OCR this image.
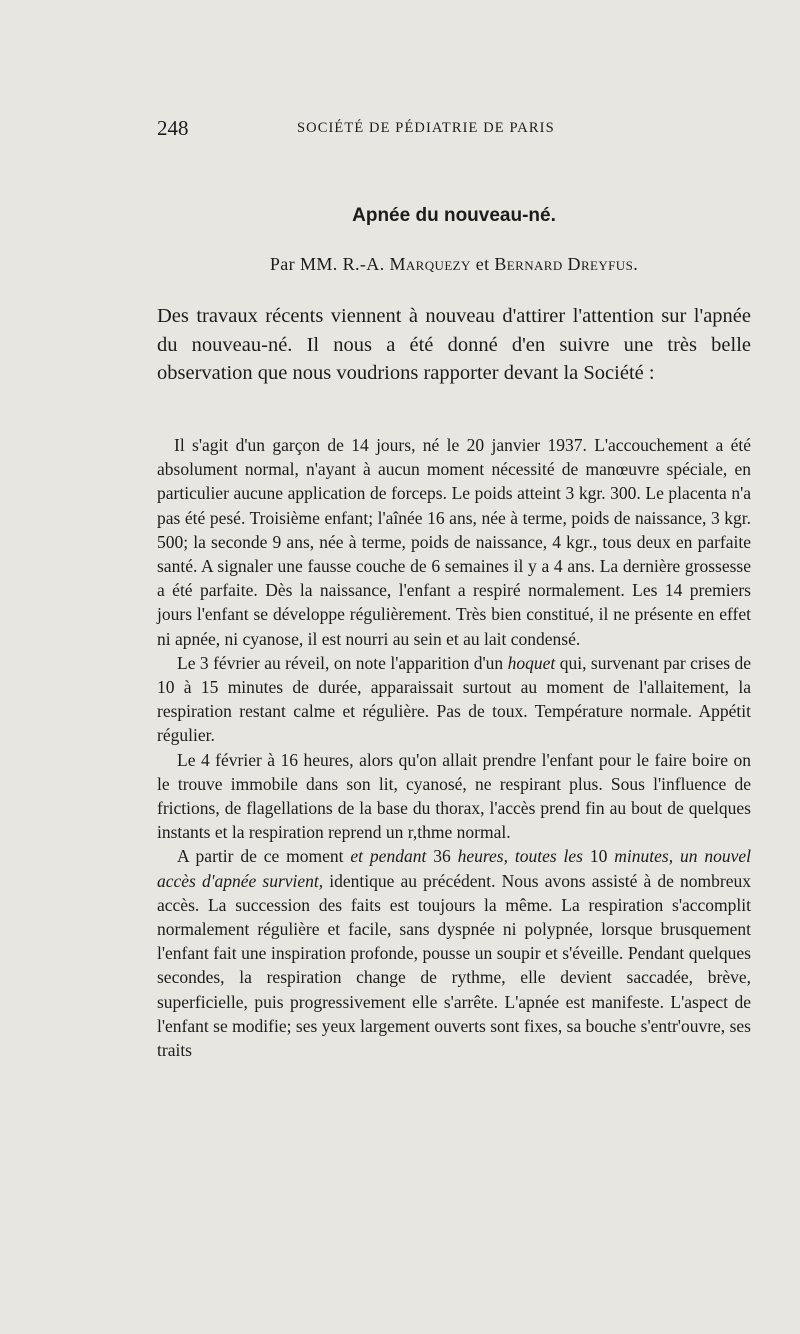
248	SOCIÉTÉ DE PÉDIATRIE DE PARIS
Apnée du nouveau-né.

Par MM. R.-A. Marquezy et Bernard Dreyfus.

Des travaux récents viennent à nouveau d'attirer l'attention sur l'apnée du nouveau-né. Il nous a été donné d'en suivre une très belle observation que nous voudrions rapporter devant la Société :

Il s'agit d'un garçon de 14 jours, né le 20 janvier 1937. L'accouchement a été absolument normal, n'ayant à aucun moment nécessité de manœuvre spéciale, en particulier aucune application de forceps. Le poids atteint 3 kgr. 300. Le placenta n'a pas été pesé. Troisième enfant; l'aînée 16 ans, née à terme, poids de naissance, 3 kgr. 500; la seconde 9 ans, née à terme, poids de naissance, 4 kgr., tous deux en parfaite santé. A signaler une fausse couche de 6 semaines il y a 4 ans. La dernière grossesse a été parfaite. Dès la naissance, l'enfant a respiré normalement. Les 14 premiers jours l'enfant se développe régulièrement. Très bien constitué, il ne présente en effet ni apnée, ni cyanose, il est nourri au sein et au lait condensé.

Le 3 février au réveil, on note l'apparition d'un hoquet qui, survenant par crises de 10 à 15 minutes de durée, apparaissait surtout au moment de l'allaitement, la respiration restant calme et régulière. Pas de toux. Température normale. Appétit régulier.

Le 4 février à 16 heures, alors qu'on allait prendre l'enfant pour le faire boire on le trouve immobile dans son lit, cyanosé, ne respirant plus. Sous l'influence de frictions, de flagellations de la base du thorax, l'accès prend fin au bout de quelques instants et la respiration reprend un r,thme normal.

A partir de ce moment et pendant 36 heures, toutes les 10 minutes, un nouvel accès d'apnée survient, identique au précédent. Nous avons assisté à de nombreux accès. La succession des faits est toujours la même. La respiration s'accomplit normalement régulière et facile, sans dyspnée ni polypnée, lorsque brusquement l'enfant fait une inspiration profonde, pousse un soupir et s'éveille. Pendant quelques secondes, la respiration change de rythme, elle devient saccadée, brève, superficielle, puis progressivement elle s'arrête. L'apnée est manifeste. L'aspect de l'enfant se modifie; ses yeux largement ouverts sont fixes, sa bouche s'entr'ouvre, ses traits
